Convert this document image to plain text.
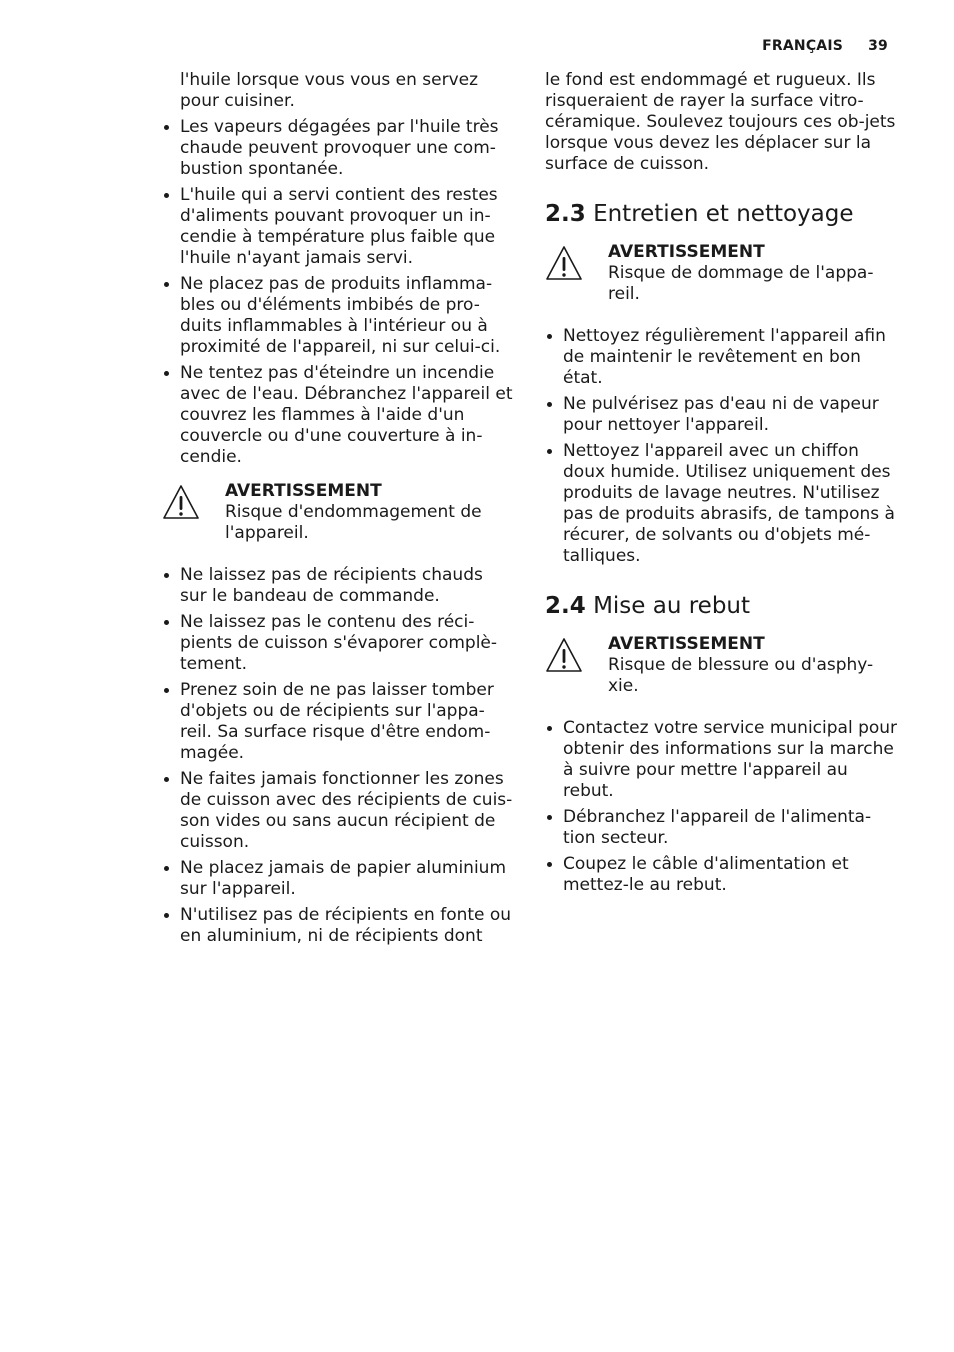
FRANÇAIS 39
l'huile lorsque vous vous en servez pour cuisiner.
Les vapeurs dégagées par l'huile très chaude peuvent provoquer une com-bustion spontanée.
L'huile qui a servi contient des restes d'aliments pouvant provoquer un in-cendie à température plus faible que l'huile n'ayant jamais servi.
Ne placez pas de produits inflamma-bles ou d'éléments imbibés de pro-duits inflammables à l'intérieur ou à proximité de l'appareil, ni sur celui-ci.
Ne tentez pas d'éteindre un incendie avec de l'eau. Débranchez l'appareil et couvrez les flammes à l'aide d'un couvercle ou d'une couverture à in-cendie.
AVERTISSEMENT
Risque d'endommagement de l'appareil.
Ne laissez pas de récipients chauds sur le bandeau de commande.
Ne laissez pas le contenu des réci-pients de cuisson s'évaporer complè-tement.
Prenez soin de ne pas laisser tomber d'objets ou de récipients sur l'appa-reil. Sa surface risque d'être endom-magée.
Ne faites jamais fonctionner les zones de cuisson avec des récipients de cuis-son vides ou sans aucun récipient de cuisson.
Ne placez jamais de papier aluminium sur l'appareil.
N'utilisez pas de récipients en fonte ou en aluminium, ni de récipients dont
le fond est endommagé et rugueux. Ils risqueraient de rayer la surface vitro-céramique. Soulevez toujours ces ob-jets lorsque vous devez les déplacer sur la surface de cuisson.
2.3 Entretien et nettoyage
AVERTISSEMENT
Risque de dommage de l'appa-reil.
Nettoyez régulièrement l'appareil afin de maintenir le revêtement en bon état.
Ne pulvérisez pas d'eau ni de vapeur pour nettoyer l'appareil.
Nettoyez l'appareil avec un chiffon doux humide. Utilisez uniquement des produits de lavage neutres. N'utilisez pas de produits abrasifs, de tampons à récurer, de solvants ou d'objets mé-talliques.
2.4 Mise au rebut
AVERTISSEMENT
Risque de blessure ou d'asphy-xie.
Contactez votre service municipal pour obtenir des informations sur la marche à suivre pour mettre l'appareil au rebut.
Débranchez l'appareil de l'alimenta-tion secteur.
Coupez le câble d'alimentation et mettez-le au rebut.
